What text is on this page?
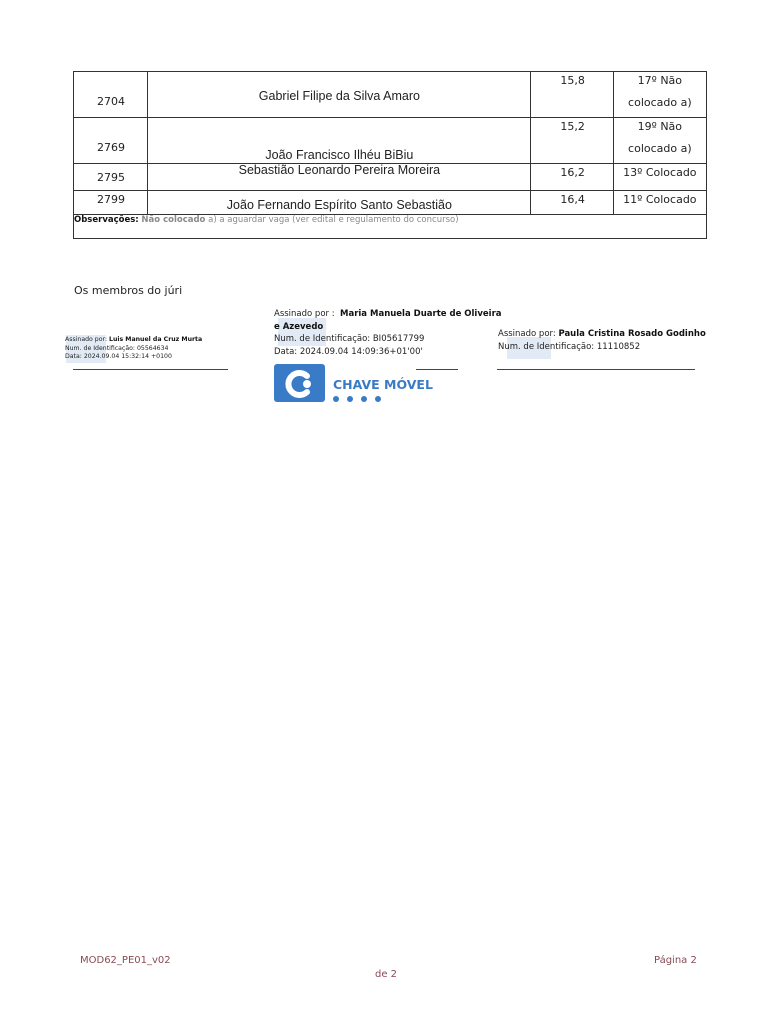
2704	Gabriel Filipe da Silva Amaro	15,8	17º Não
colocado a)

2769	João Francisco Ilhéu BiBiu	15,2	19º Não
colocado a)

2795	Sebastião Leonardo Pereira Moreira	16,2	13º Colocado

2799	João Fernando Espírito Santo Sebastião	16,4	11º Colocado

Observações: Não colocado a) a aguardar vaga (ver edital e regulamento do concurso)			
Os membros do júri
Assinado por: Luis Manuel da Cruz Murta
Num. de Identificação: 05564634
Data: 2024.09.04 15:32:14 +0100
Assinado por : Maria Manuela Duarte de Oliveira
e Azevedo
Num. de Identificação: BI05617799
Data: 2024.09.04 14:09:36+01'00'
CHAVE MÓVEL
Assinado por: Paula Cristina Rosado Godinho
Num. de Identificação: 11110852
MOD62_PE01_v02	Página 2
de 2
